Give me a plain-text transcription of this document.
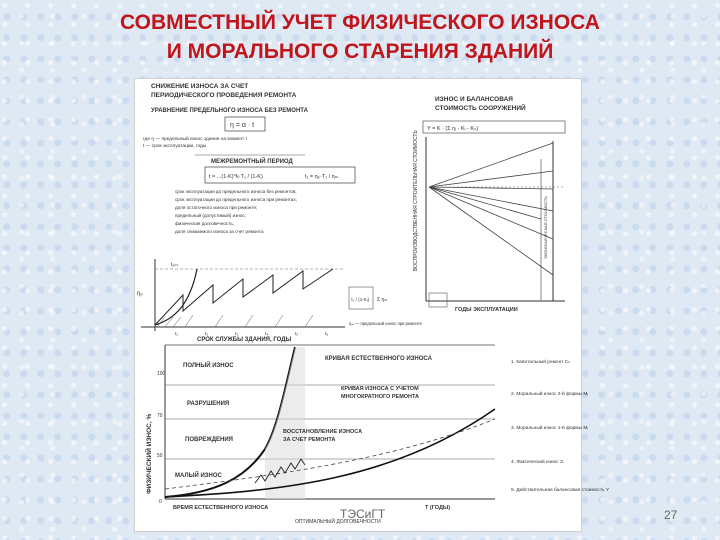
СОВМЕСТНЫЙ УЧЕТ ФИЗИЧЕСКОГО ИЗНОСА
И МОРАЛЬНОГО СТАРЕНИЯ ЗДАНИЙ
СНИЖЕНИЕ ИЗНОСА ЗА СЧЕТ
ПЕРИОДИЧЕСКОГО ПРОВЕДЕНИЯ РЕМОНТА
УРАВНЕНИЕ ПРЕДЕЛЬНОГО ИЗНОСА БЕЗ РЕМОНТА
η = α · t
где η — предельный износ здания на момент t
t — срок эксплуатации, годы
МЕЖРЕМОНТНЫЙ ПЕРИОД
t = ...(1-K)^k·T₁ / (1-K)	t₁ = ηₖ·T₁ / ηₘ
срок эксплуатации до предельного износа без ремонтов;
срок эксплуатации до предельного износа при ремонтах;
доля остаточного износа при ремонте;
предельный (допустимый) износ;
физическая долговечность;
доля снижаемого износа за счет ремонта
ИЗНОС И БАЛАНСОВАЯ
СТОИМОСТЬ СООРУЖЕНИЙ
Y = K · (Σ ηᵢ - Kᵢ - Kₙ)
ВОСПРОИЗВОДСТВЕННАЯ СТРОИТЕЛЬНАЯ СТОИМОСТЬ	ЭКОНОМИЧЕСКАЯ СТОИМОСТЬ
ГОДЫ ЭКСПЛУАТАЦИИ
ηₒ
tₒₖₙ
t₁	t₂	t₃	t₄	t₅	t₆
τ₁ / (1-Kᵢ) Σ ηₘ
ηₘ — предельный износ при ремонте
СРОК СЛУЖБЫ ЗДАНИЯ, ГОДЫ
ФИЗИЧЕСКИЙ ИЗНОС, %
100
70
50
0
ПОЛНЫЙ ИЗНОС
РАЗРУШЕНИЯ
ПОВРЕЖДЕНИЯ
МАЛЫЙ ИЗНОС
КРИВАЯ ЕСТЕСТВЕННОГО ИЗНОСА
КРИВАЯ ИЗНОСА С УЧЕТОМ
МНОГОКРАТНОГО РЕМОНТА
ВОССТАНОВЛЕНИЕ ИЗНОСА
ЗА СЧЕТ РЕМОНТА
ВРЕМЯ ЕСТЕСТВЕННОГО ИЗНОСА	T (ГОДЫ)
ОПТИМАЛЬНЫЙ ДОЛГОВЕЧНОСТИ
1. Капитальный ремонт Cₖ
2. Моральный износ 2-й формы Mᵢ
3. Моральный износ 1-й формы Mᵢ
4. Фактический износ З.
5. Действительная балансовая стоимость Y
ТЭСиГТ	27
